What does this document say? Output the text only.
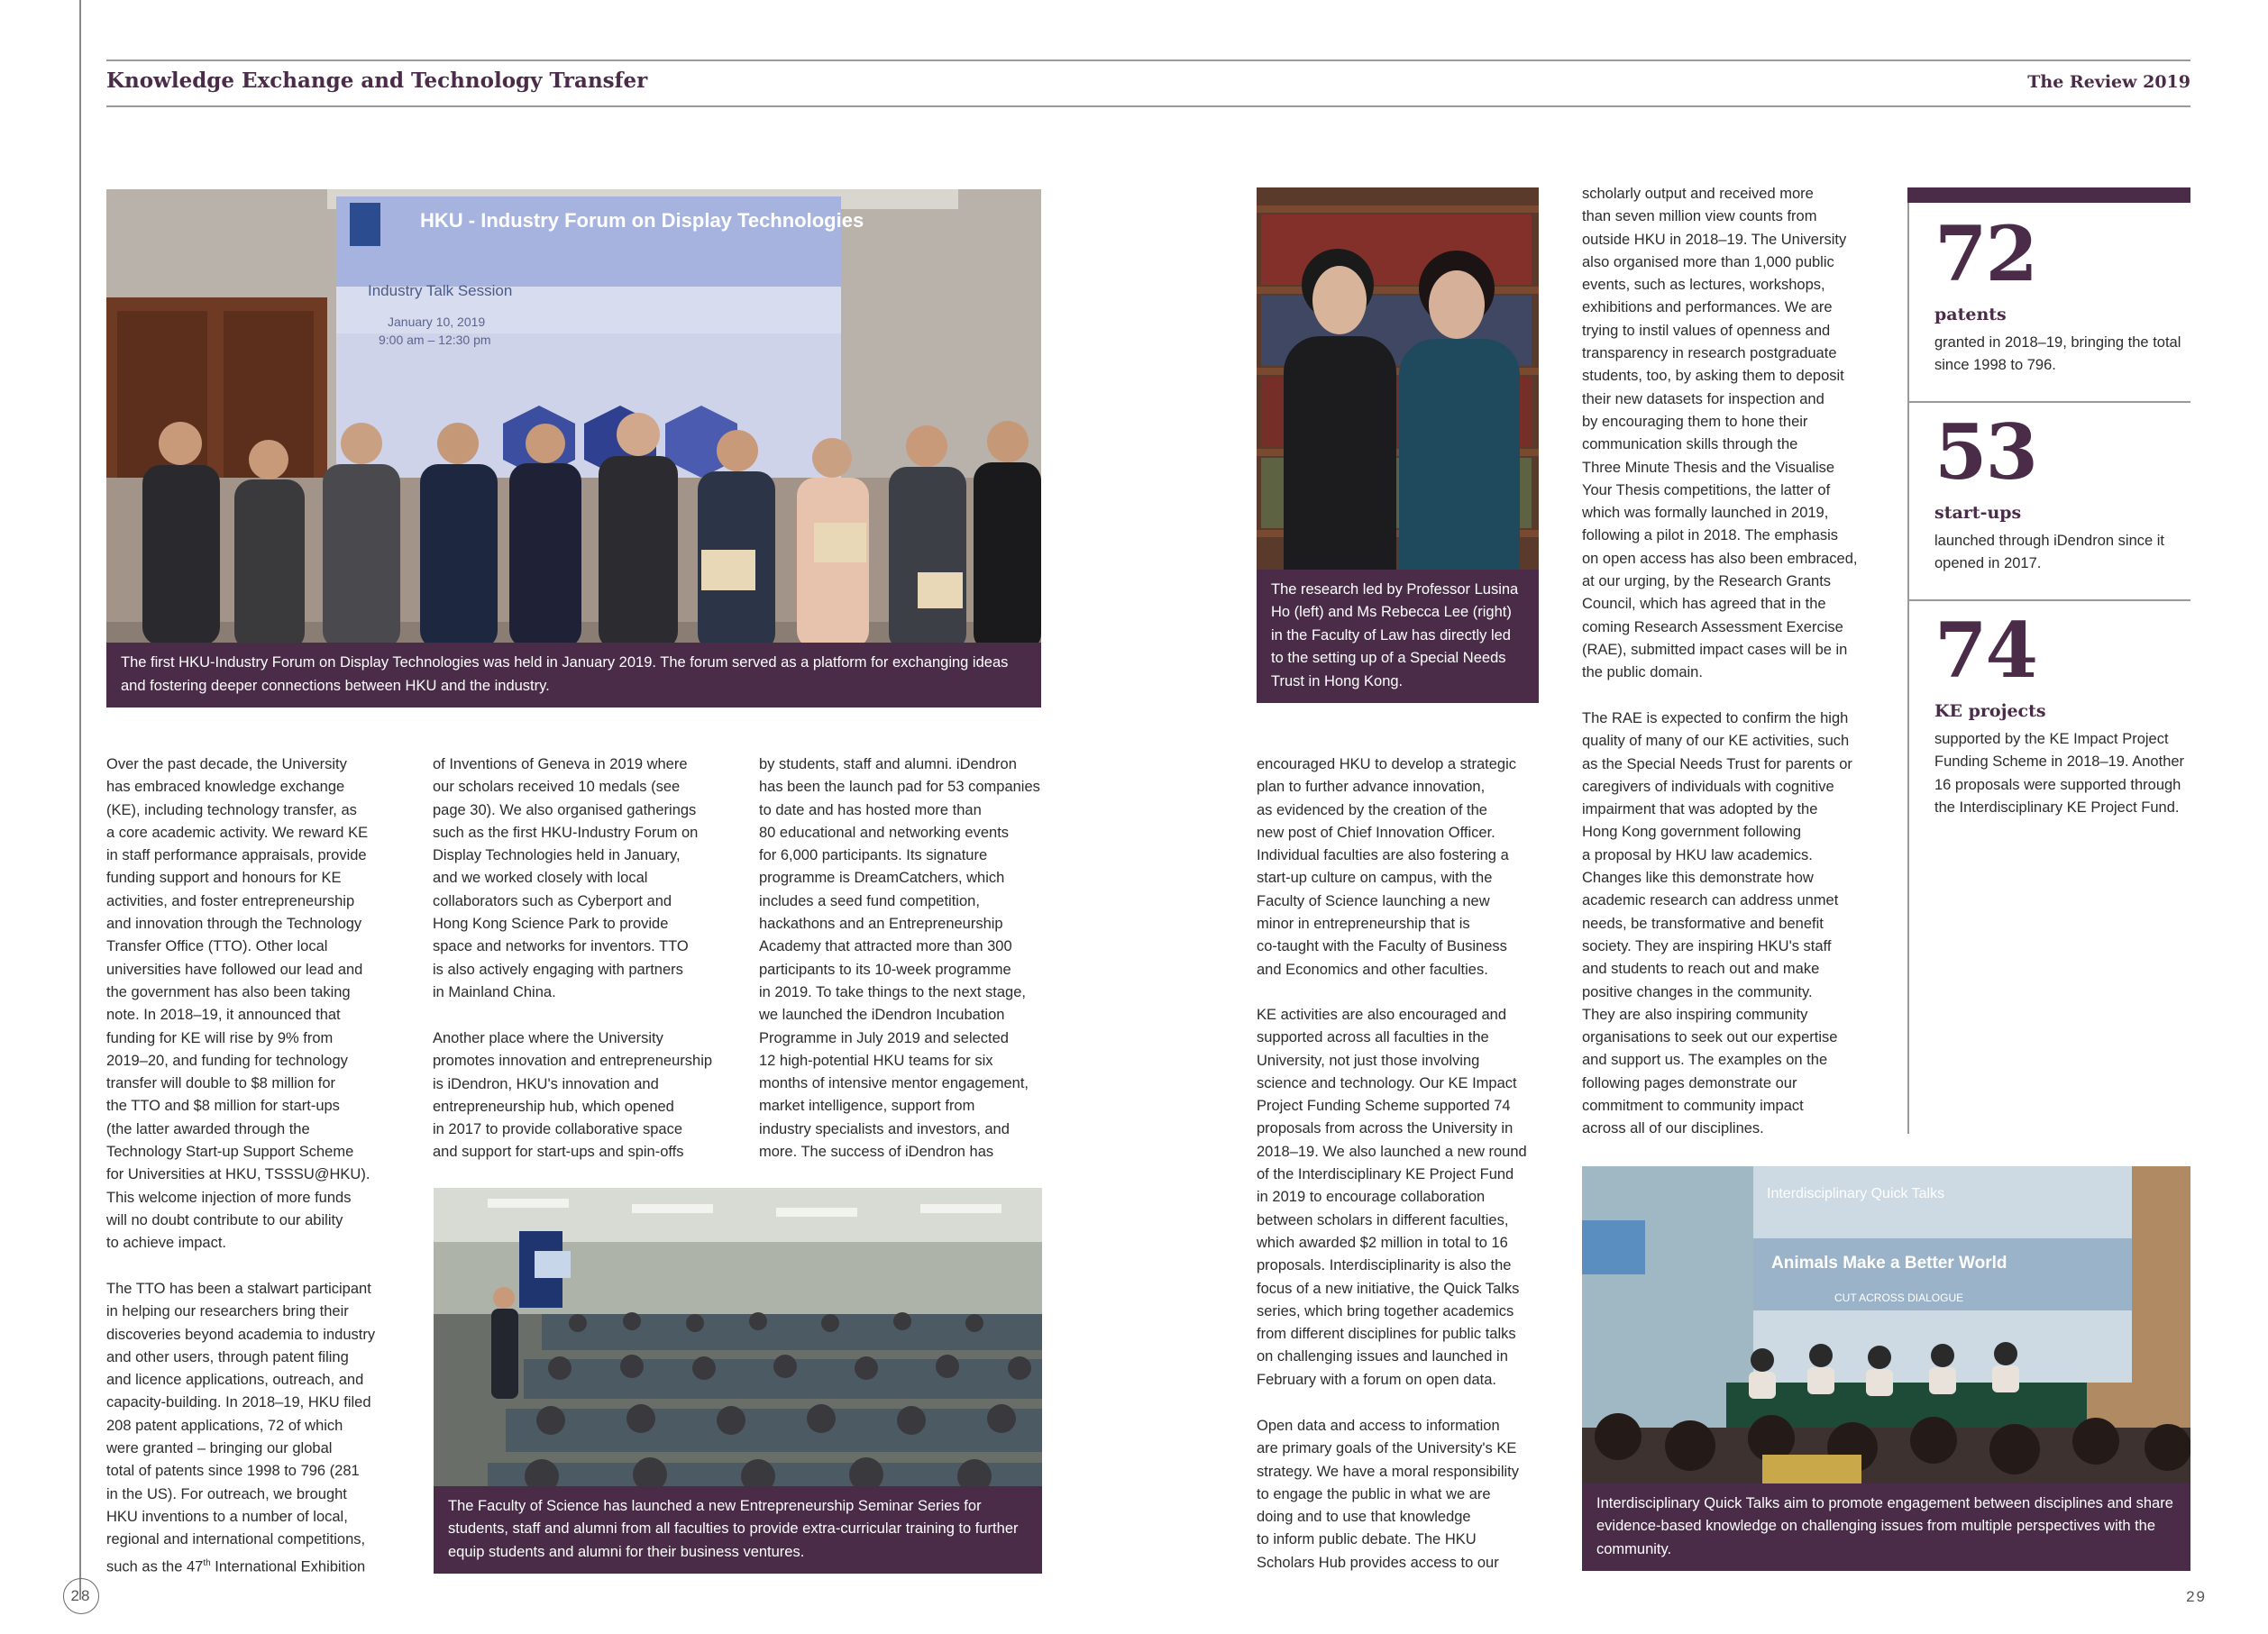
Knowledge Exchange and Technology Transfer	The Review 2019
HKU - Industry Forum on Display Technologies
Industry Talk Session
January 10, 2019
9:00 am – 12:30 pm
The first HKU-Industry Forum on Display Technologies was held in January 2019. The forum served as a platform for exchanging ideas and fostering deeper connections between HKU and the industry.
The research led by Professor Lusina Ho (left) and Ms Rebecca Lee (right) in the Faculty of Law has directly led to the setting up of a Special Needs Trust in Hong Kong.
72
patents
granted in 2018–19, bringing the total since 1998 to 796.
53
start-ups
launched through iDendron since it opened in 2017.
74
KE projects
supported by the KE Impact Project Funding Scheme in 2018–19. Another 16 proposals were supported through the Interdisciplinary KE Project Fund.

Over the past decade, the University
has embraced knowledge exchange
(KE), including technology transfer, as
a core academic activity. We reward KE
in staff performance appraisals, provide
funding support and honours for KE
activities, and foster entrepreneurship
and innovation through the Technology
Transfer Office (TTO). Other local
universities have followed our lead and
the government has also been taking
note. In 2018–19, it announced that
funding for KE will rise by 9% from
2019–20, and funding for technology
transfer will double to $8 million for
the TTO and $8 million for start-ups
(the latter awarded through the
Technology Start-up Support Scheme
for Universities at HKU, TSSSU@HKU).
This welcome injection of more funds
will no doubt contribute to our ability
to achieve impact.

The TTO has been a stalwart participant
in helping our researchers bring their
discoveries beyond academia to industry
and other users, through patent filing
and licence applications, outreach, and
capacity-building. In 2018–19, HKU filed
208 patent applications, 72 of which
were granted – bringing our global
total of patents since 1998 to 796 (281
in the US). For outreach, we brought
HKU inventions to a number of local,
regional and international competitions,

such as the 47th International Exhibition

of Inventions of Geneva in 2019 where
our scholars received 10 medals (see
page 30). We also organised gatherings
such as the first HKU-Industry Forum on
Display Technologies held in January,
and we worked closely with local
collaborators such as Cyberport and
Hong Kong Science Park to provide
space and networks for inventors. TTO
is also actively engaging with partners
in Mainland China.

Another place where the University
promotes innovation and entrepreneurship
is iDendron, HKU's innovation and
entrepreneurship hub, which opened
in 2017 to provide collaborative space
and support for start-ups and spin-offs

by students, staff and alumni. iDendron
has been the launch pad for 53 companies
to date and has hosted more than
80 educational and networking events
for 6,000 participants. Its signature
programme is DreamCatchers, which
includes a seed fund competition,
hackathons and an Entrepreneurship
Academy that attracted more than 300
participants to its 10-week programme
in 2019. To take things to the next stage,
we launched the iDendron Incubation
Programme in July 2019 and selected
12 high-potential HKU teams for six
months of intensive mentor engagement,
market intelligence, support from
industry specialists and investors, and
more. The success of iDendron has

The Faculty of Science has launched a new Entrepreneurship Seminar Series for students, staff and alumni from all faculties to provide extra-curricular training to further equip students and alumni for their business ventures.

encouraged HKU to develop a strategic
plan to further advance innovation,
as evidenced by the creation of the
new post of Chief Innovation Officer.
Individual faculties are also fostering a
start-up culture on campus, with the
Faculty of Science launching a new
minor in entrepreneurship that is
co-taught with the Faculty of Business
and Economics and other faculties.

KE activities are also encouraged and
supported across all faculties in the
University, not just those involving
science and technology. Our KE Impact
Project Funding Scheme supported 74
proposals from across the University in
2018–19. We also launched a new round
of the Interdisciplinary KE Project Fund
in 2019 to encourage collaboration
between scholars in different faculties,
which awarded $2 million in total to 16
proposals. Interdisciplinarity is also the
focus of a new initiative, the Quick Talks
series, which bring together academics
from different disciplines for public talks
on challenging issues and launched in
February with a forum on open data.

Open data and access to information
are primary goals of the University's KE
strategy. We have a moral responsibility
to engage the public in what we are
doing and to use that knowledge
to inform public debate. The HKU
Scholars Hub provides access to our

scholarly output and received more
than seven million view counts from
outside HKU in 2018–19. The University
also organised more than 1,000 public
events, such as lectures, workshops,
exhibitions and performances. We are
trying to instil values of openness and
transparency in research postgraduate
students, too, by asking them to deposit
their new datasets for inspection and
by encouraging them to hone their
communication skills through the
Three Minute Thesis and the Visualise
Your Thesis competitions, the latter of
which was formally launched in 2019,
following a pilot in 2018. The emphasis
on open access has also been embraced,
at our urging, by the Research Grants
Council, which has agreed that in the
coming Research Assessment Exercise
(RAE), submitted impact cases will be in
the public domain.

The RAE is expected to confirm the high
quality of many of our KE activities, such
as the Special Needs Trust for parents or
caregivers of individuals with cognitive
impairment that was adopted by the
Hong Kong government following
a proposal by HKU law academics.
Changes like this demonstrate how
academic research can address unmet
needs, be transformative and benefit
society. They are inspiring HKU's staff
and students to reach out and make
positive changes in the community.
They are also inspiring community
organisations to seek out our expertise
and support us. The examples on the
following pages demonstrate our
commitment to community impact
across all of our disciplines.

Interdisciplinary Quick Talks
Animals Make a Better World
CUT ACROSS DIALOGUE
Interdisciplinary Quick Talks aim to promote engagement between disciplines and share evidence-based knowledge on challenging issues from multiple perspectives with the community.
28	29
